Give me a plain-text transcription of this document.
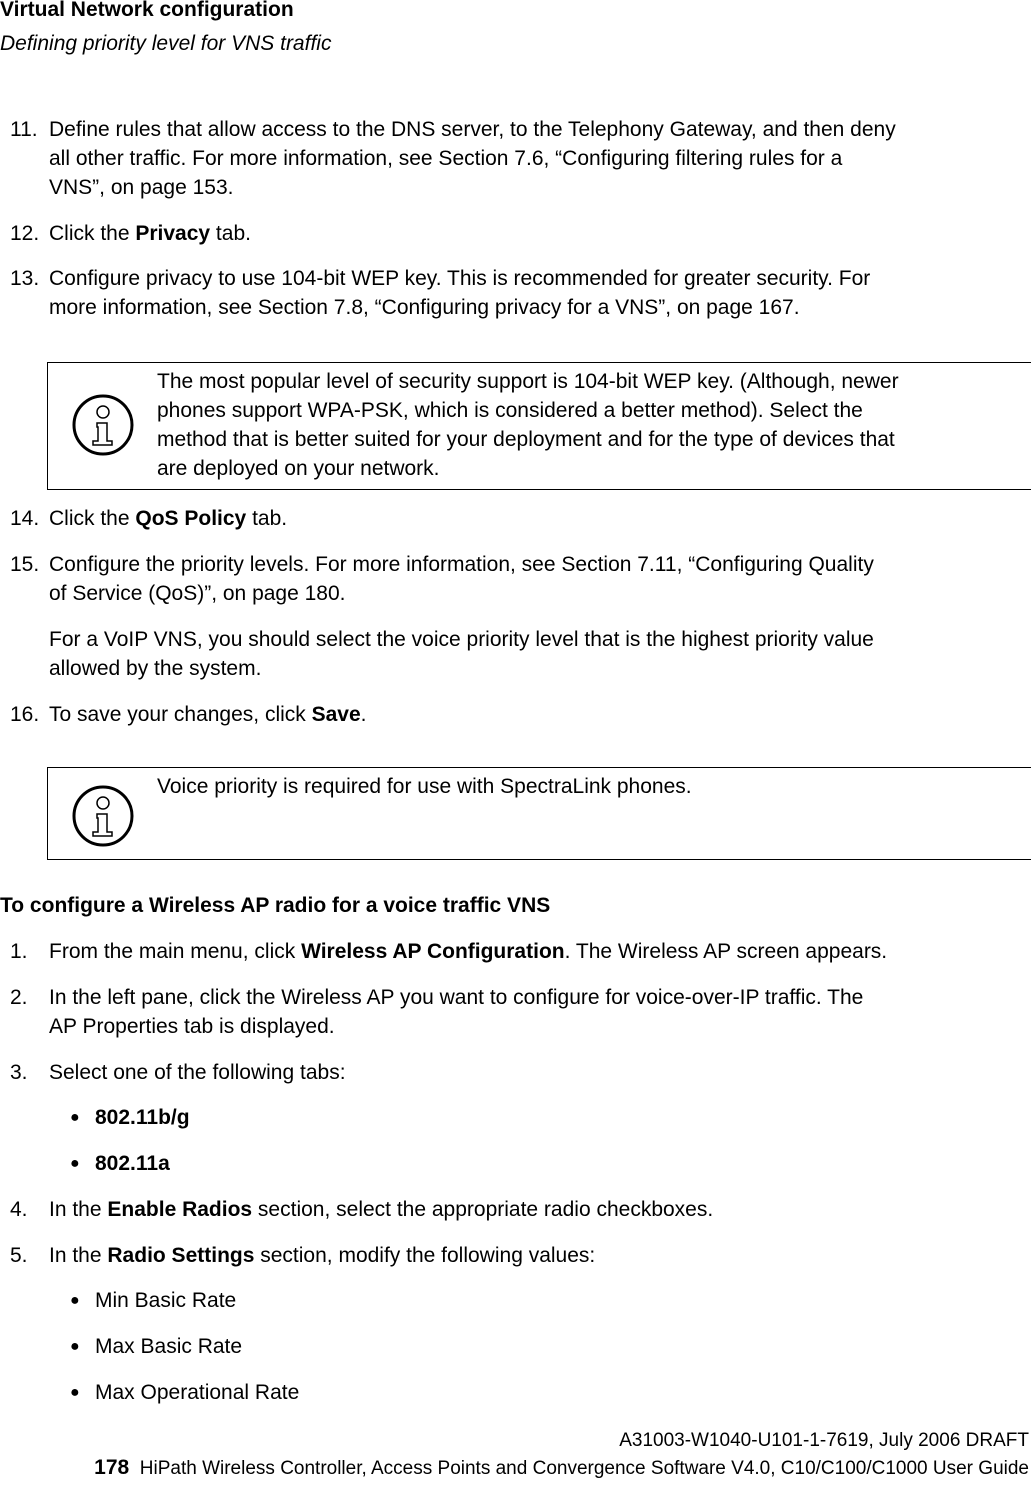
Virtual Network configuration
Defining priority level for VNS traffic
11. Define rules that allow access to the DNS server, to the Telephony Gateway, and then deny
all other traffic. For more information, see Section 7.6, “Configuring filtering rules for a
VNS”, on page 153.
12. Click the Privacy tab.
13. Configure privacy to use 104-bit WEP key. This is recommended for greater security. For
more information, see Section 7.8, “Configuring privacy for a VNS”, on page 167.
The most popular level of security support is 104-bit WEP key. (Although, newer
phones support WPA-PSK, which is considered a better method). Select the
method that is better suited for your deployment and for the type of devices that
are deployed on your network.
14. Click the QoS Policy tab.
15. Configure the priority levels. For more information, see Section 7.11, “Configuring Quality
of Service (QoS)”, on page 180.
For a VoIP VNS, you should select the voice priority level that is the highest priority value
allowed by the system.
16. To save your changes, click Save.
Voice priority is required for use with SpectraLink phones.
To configure a Wireless AP radio for a voice traffic VNS
1. From the main menu, click Wireless AP Configuration. The Wireless AP screen appears.
2. In the left pane, click the Wireless AP you want to configure for voice-over-IP traffic. The
AP Properties tab is displayed.
3. Select one of the following tabs:
● 802.11b/g
● 802.11a
4. In the Enable Radios section, select the appropriate radio checkboxes.
5. In the Radio Settings section, modify the following values:
● Min Basic Rate
● Max Basic Rate
● Max Operational Rate
A31003-W1040-U101-1-7619, July 2006 DRAFT
178 HiPath Wireless Controller, Access Points and Convergence Software V4.0, C10/C100/C1000 User Guide
